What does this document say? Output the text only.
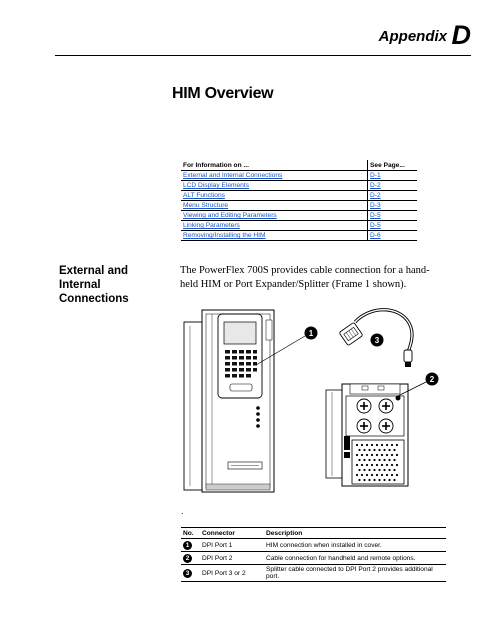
Appendix D
HIM Overview
For Information on ...	See Page...
External and Internal Connections	D-1
LCD Display Elements	D-2
ALT Functions	D-2
Menu Structure	D-3
Viewing and Editing Parameters	D-5
Linking Parameters	D-5
Removing/Installing the HIM	D-6
External and Internal Connections
The PowerFlex 700S provides cable connection for a hand-held HIM or Port Expander/Splitter (Frame 1 shown).
1
3
2
.
No.	Connector	Description
1	DPI Port 1	HIM connection when installed in cover.
2	DPI Port 2	Cable connection for handheld and remote options.
3	DPI Port 3 or 2	Splitter cable connected to DPI Port 2 provides additional port.
